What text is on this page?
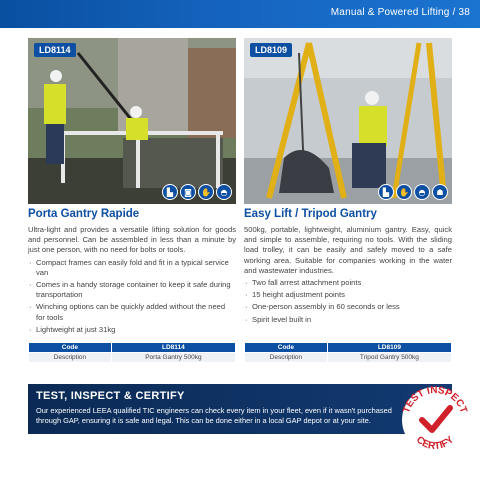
Manual & Powered Lifting / 38
LD8114
▙	◙	✋	◓
LD8109
▙	✋	◓	☗
Porta Gantry Rapide

Ultra-light and provides a versatile lifting solution for goods and personnel. Can be assembled in less than a minute by just one person, with no need for bolts or tools.

· Compact frames can easily fold and fit in a typical service van
· Comes in a handy storage container to keep it safe during transportation
· Winching options can be quickly added without the need for tools
· Lightweight at just 31kg
Easy Lift / Tripod Gantry

500kg, portable, lightweight, aluminium gantry. Easy, quick and simple to assemble, requiring no tools. With the sliding load trolley, it can be easily and safely moved to a safe working area. Suitable for companies working in the water and wastewater industries.

· Two fall arrest attachment points
· 15 height adjustment points
· One-person assembly in 60 seconds or less
· Spirit level built in
Code	LD8114
Description	Porta Gantry 500kg
Code	LD8109
Description	Tripod Gantry 500kg
TEST, INSPECT & CERTIFY
Our experienced LEEA qualified TIC engineers can check every item in your fleet, even if it wasn't purchased through GAP, ensuring it is safe and legal. This can be done either in a local GAP depot or at your site.
TEST INSPECT
CERTIFY
